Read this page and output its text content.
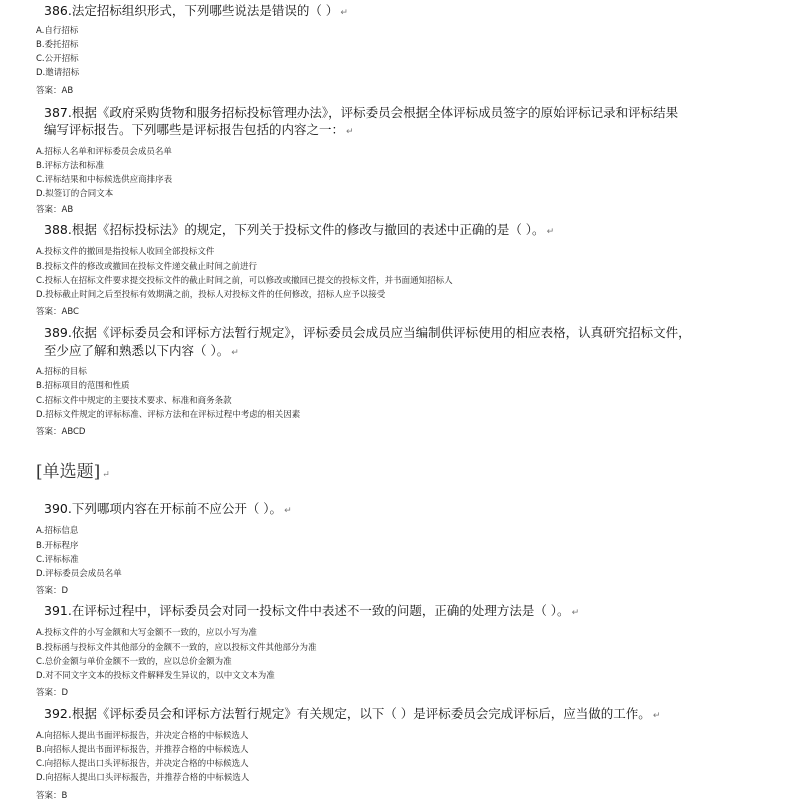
386.法定招标组织形式，下列哪些说法是错误的（ ） ↵
A.自行招标
B.委托招标
C.公开招标
D.邀请招标
答案：AB
387.根据《政府采购货物和服务招标投标管理办法》，评标委员会根据全体评标成员签字的原始评标记录和评标结果
编写评标报告。下列哪些是评标报告包括的内容之一： ↵
A.招标人名单和评标委员会成员名单
B.评标方法和标准
C.评标结果和中标候选供应商排序表
D.拟签订的合同文本
答案：AB
388.根据《招标投标法》的规定，下列关于投标文件的修改与撤回的表述中正确的是（ ）。 ↵
A.投标文件的撤回是指投标人收回全部投标文件
B.投标文件的修改或撤回在投标文件递交截止时间之前进行
C.投标人在招标文件要求提交投标文件的截止时间之前，可以修改或撤回已提交的投标文件，并书面通知招标人
D.投标截止时间之后至投标有效期满之前，投标人对投标文件的任何修改，招标人应予以接受
答案：ABC
389.依据《评标委员会和评标方法暂行规定》，评标委员会成员应当编制供评标使用的相应表格，认真研究招标文件，
至少应了解和熟悉以下内容（ ）。 ↵
A.招标的目标
B.招标项目的范围和性质
C.招标文件中规定的主要技术要求、标准和商务条款
D.招标文件规定的评标标准、评标方法和在评标过程中考虑的相关因素
答案：ABCD
[单选题] ↵
390.下列哪项内容在开标前不应公开（ ）。 ↵
A.招标信息
B.开标程序
C.评标标准
D.评标委员会成员名单
答案：D
391.在评标过程中，评标委员会对同一投标文件中表述不一致的问题，正确的处理方法是（ ）。 ↵
A.投标文件的小写金额和大写金额不一致的，应以小写为准
B.投标函与投标文件其他部分的金额不一致的，应以投标文件其他部分为准
C.总价金额与单价金额不一致的，应以总价金额为准
D.对不同文字文本的投标文件解释发生异议的，以中文文本为准
答案：D
392.根据《评标委员会和评标方法暂行规定》有关规定，以下（ ）是评标委员会完成评标后，应当做的工作。 ↵
A.向招标人提出书面评标报告，并决定合格的中标候选人
B.向招标人提出书面评标报告，并推荐合格的中标候选人
C.向招标人提出口头评标报告，并决定合格的中标候选人
D.向招标人提出口头评标报告，并推荐合格的中标候选人
答案：B
